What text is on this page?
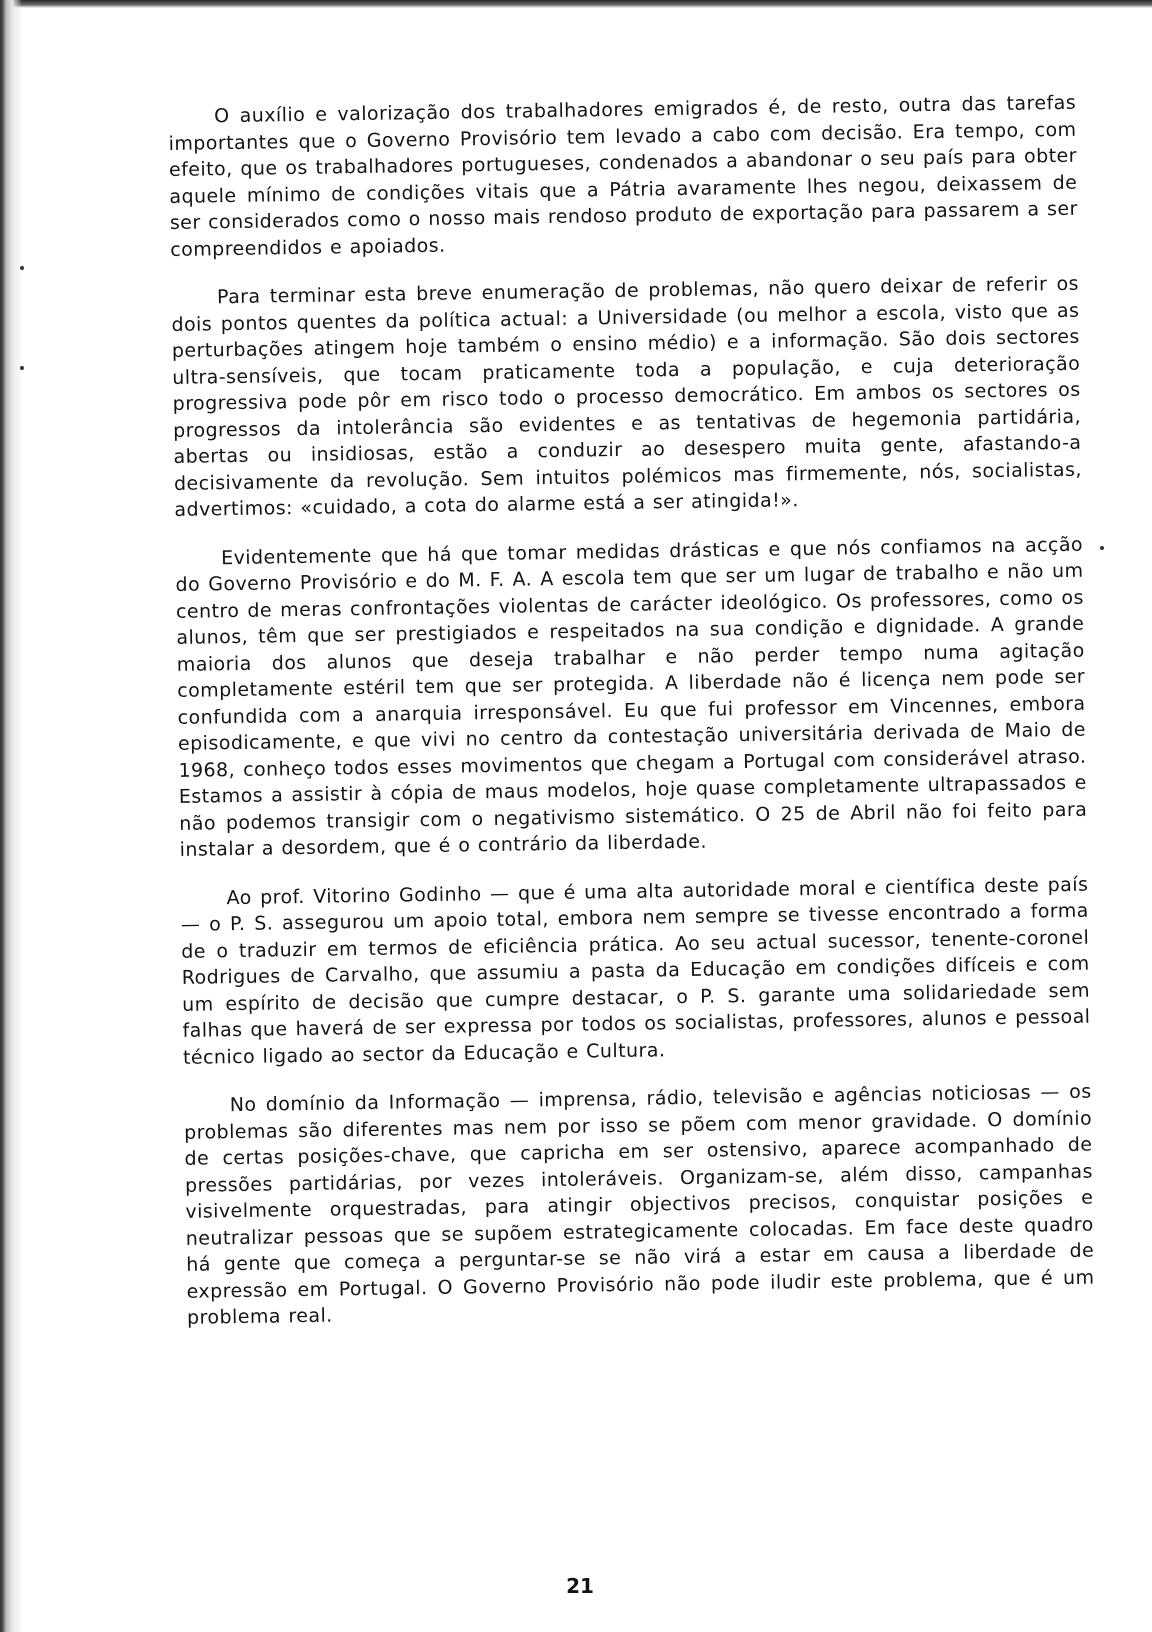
O auxílio e valorização dos trabalhadores emigrados é, de resto, outra das tarefas importantes que o Governo Provisório tem levado a cabo com decisão. Era tempo, com efeito, que os trabalhadores portugueses, condenados a abandonar o seu país para obter aquele mínimo de condições vitais que a Pátria avaramente lhes negou, deixassem de ser considerados como o nosso mais rendoso produto de exportação para passarem a ser compreendidos e apoiados.

Para terminar esta breve enumeração de problemas, não quero deixar de referir os dois pontos quentes da política actual: a Universidade (ou melhor a escola, visto que as perturbações atingem hoje também o ensino médio) e a informação. São dois sectores ultra-sensíveis, que tocam praticamente toda a população, e cuja deterioração progressiva pode pôr em risco todo o processo democrático. Em ambos os sectores os progressos da intolerância são evidentes e as tentativas de hegemonia partidária, abertas ou insidiosas, estão a conduzir ao desespero muita gente, afastando-a decisivamente da revolução. Sem intuitos polémicos mas firmemente, nós, socialistas, advertimos: «cuidado, a cota do alarme está a ser atingida!».

Evidentemente que há que tomar medidas drásticas e que nós confiamos na acção do Governo Provisório e do M. F. A. A escola tem que ser um lugar de trabalho e não um centro de meras confrontações violentas de carácter ideológico. Os professores, como os alunos, têm que ser prestigiados e respeitados na sua condição e dignidade. A grande maioria dos alunos que deseja trabalhar e não perder tempo numa agitação completamente estéril tem que ser protegida. A liberdade não é licença nem pode ser confundida com a anarquia irresponsável. Eu que fui professor em Vincennes, embora episodicamente, e que vivi no centro da contestação universitária derivada de Maio de 1968, conheço todos esses movimentos que chegam a Portugal com considerável atraso. Estamos a assistir à cópia de maus modelos, hoje quase completamente ultrapassados e não podemos transigir com o negativismo sistemático. O 25 de Abril não foi feito para instalar a desordem, que é o contrário da liberdade.

Ao prof. Vitorino Godinho — que é uma alta autoridade moral e científica deste país — o P. S. assegurou um apoio total, embora nem sempre se tivesse encontrado a forma de o traduzir em termos de eficiência prática. Ao seu actual sucessor, tenente-coronel Rodrigues de Carvalho, que assumiu a pasta da Educação em condições difíceis e com um espírito de decisão que cumpre destacar, o P. S. garante uma solidariedade sem falhas que haverá de ser expressa por todos os socialistas, professores, alunos e pessoal técnico ligado ao sector da Educação e Cultura.

No domínio da Informação — imprensa, rádio, televisão e agências noticiosas — os problemas são diferentes mas nem por isso se põem com menor gravidade. O domínio de certas posições-chave, que capricha em ser ostensivo, aparece acompanhado de pressões partidárias, por vezes intoleráveis. Organizam-se, além disso, campanhas visivelmente orquestradas, para atingir objectivos precisos, conquistar posições e neutralizar pessoas que se supõem estrategicamente colocadas. Em face deste quadro há gente que começa a perguntar-se se não virá a estar em causa a liberdade de expressão em Portugal. O Governo Provisório não pode iludir este problema, que é um problema real.

21
